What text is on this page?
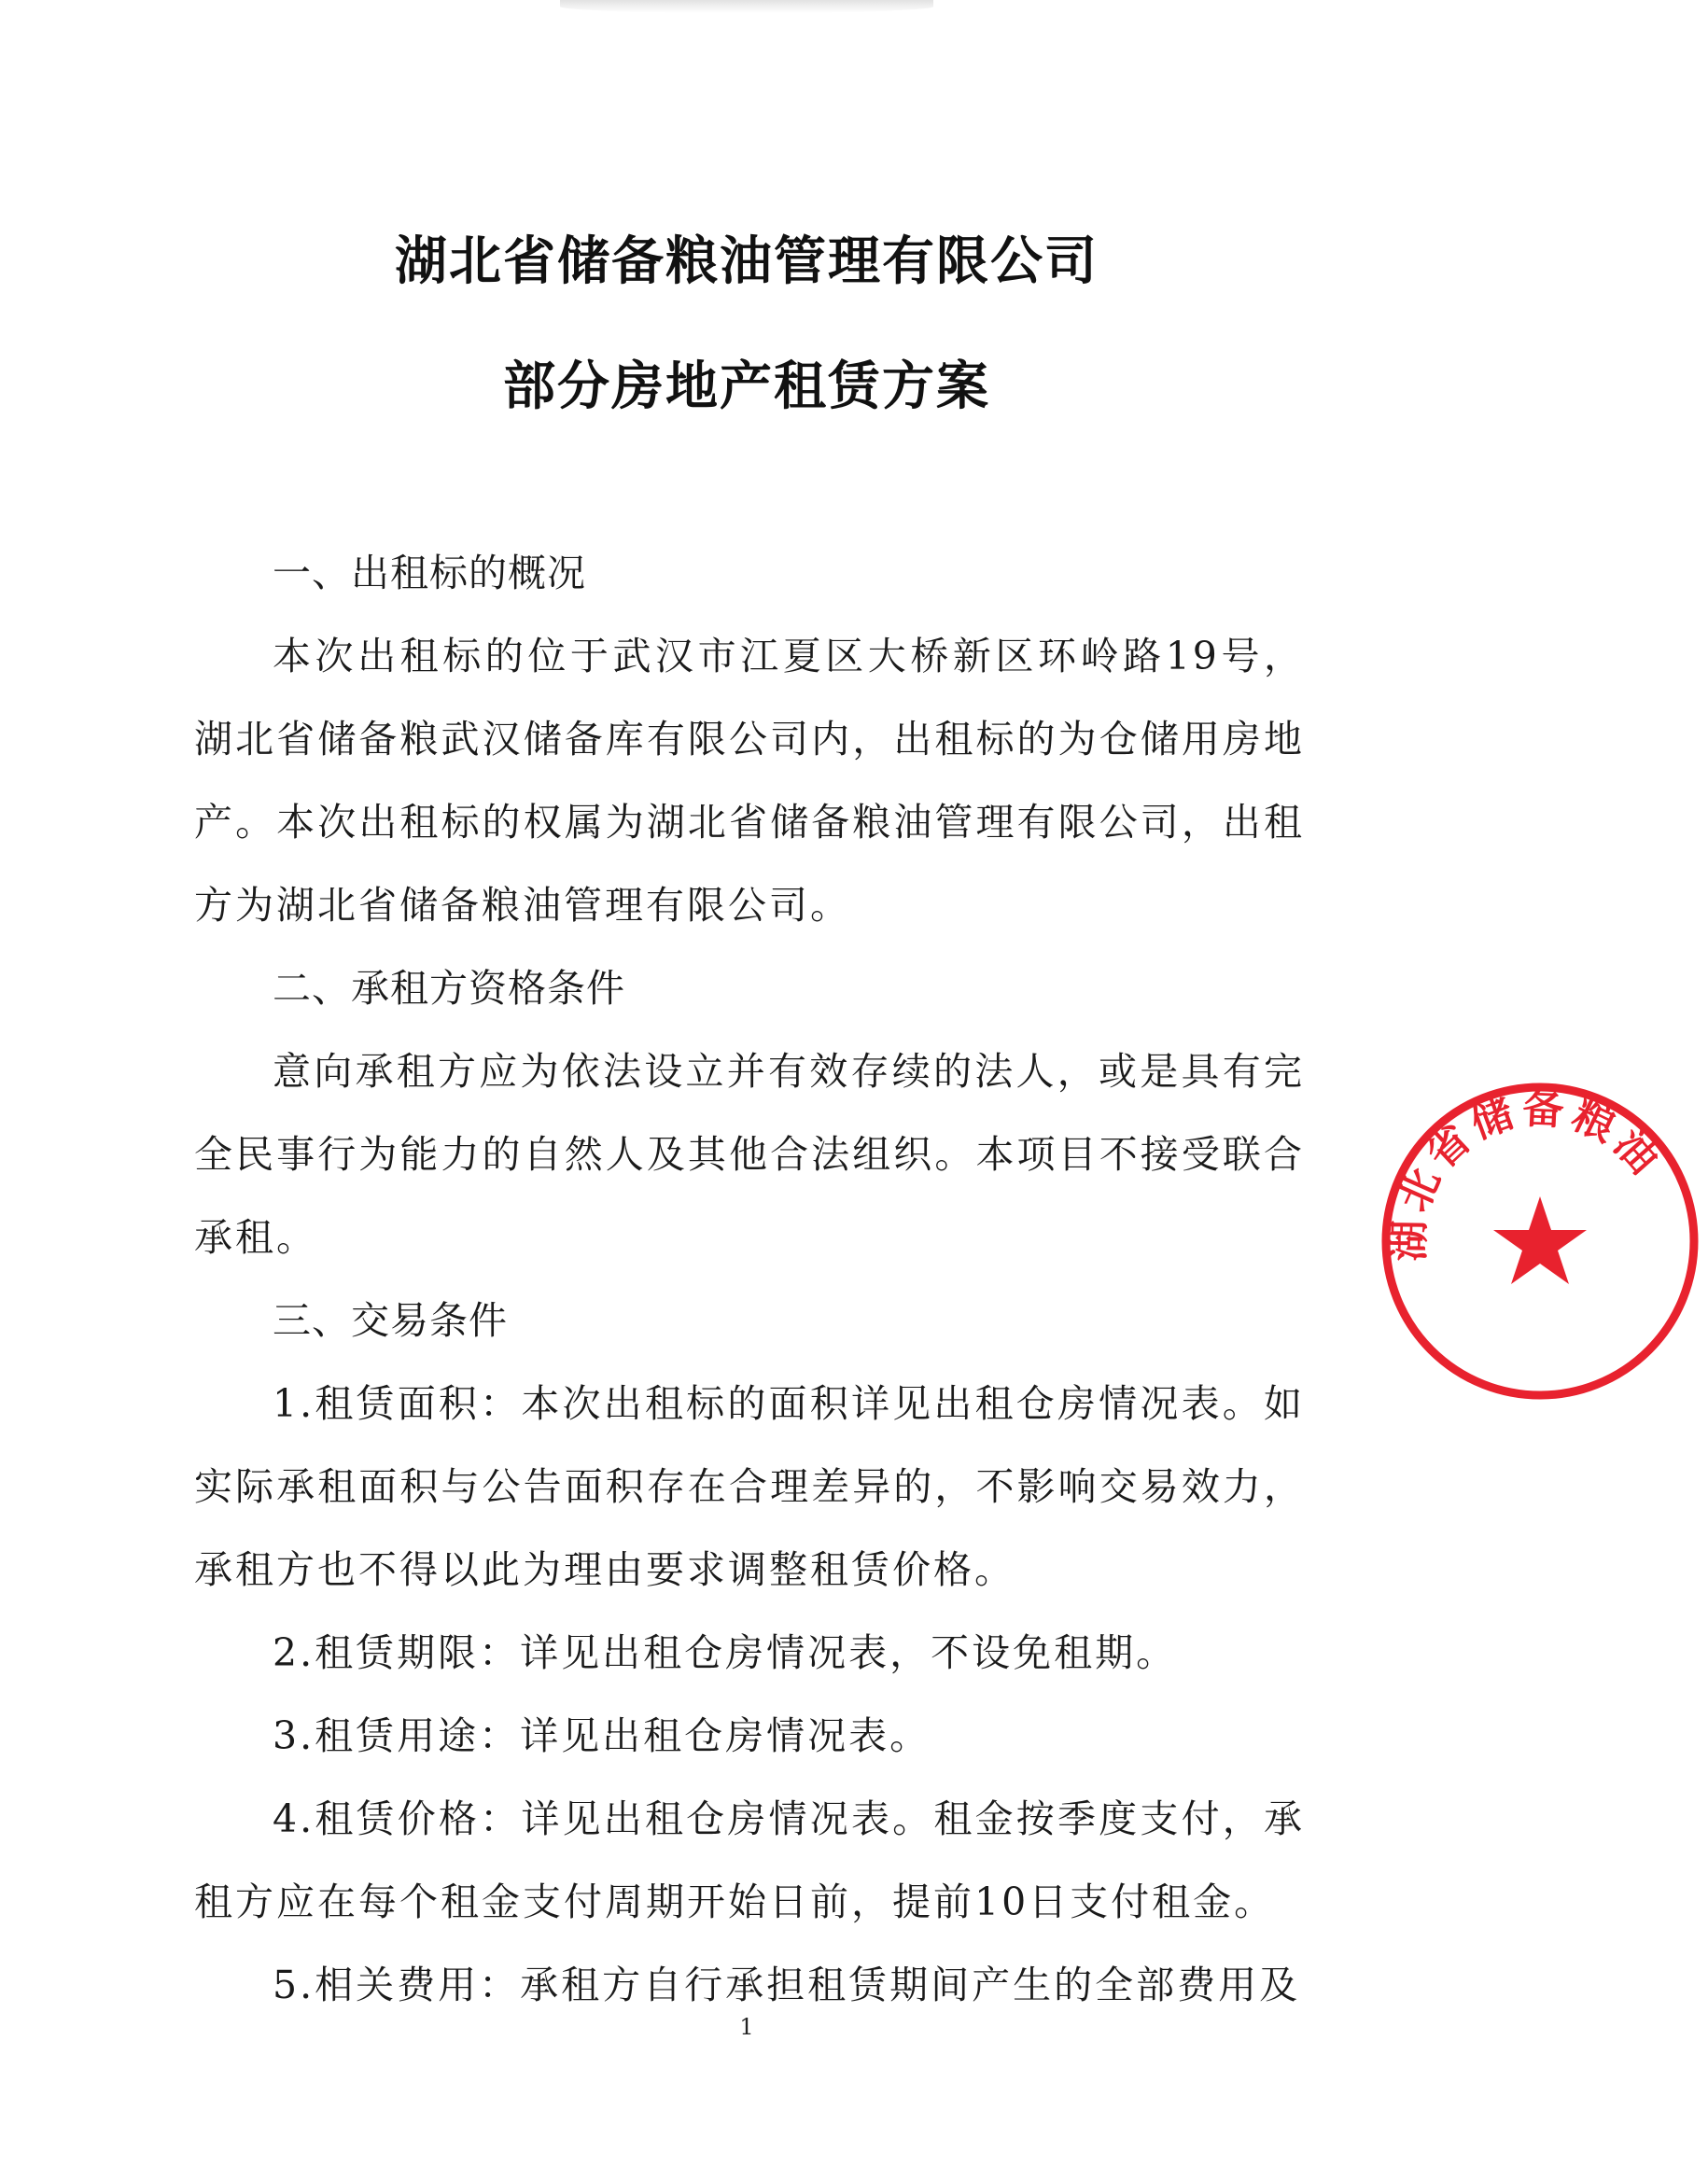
湖北省储备粮油管理有限公司
部分房地产租赁方案
一、出租标的概况

本次出租标的位于武汉市江夏区大桥新区环岭路19号，湖北省储备粮武汉储备库有限公司内，出租标的为仓储用房地产。本次出租标的权属为湖北省储备粮油管理有限公司，出租方为湖北省储备粮油管理有限公司。

二、承租方资格条件

意向承租方应为依法设立并有效存续的法人，或是具有完全民事行为能力的自然人及其他合法组织。本项目不接受联合承租。

三、交易条件

1.租赁面积：本次出租标的面积详见出租仓房情况表。如实际承租面积与公告面积存在合理差异的，不影响交易效力，承租方也不得以此为理由要求调整租赁价格。

2.租赁期限：详见出租仓房情况表，不设免租期。

3.租赁用途：详见出租仓房情况表。

4.租赁价格：详见出租仓房情况表。租金按季度支付，承租方应在每个租金支付周期开始日前，提前10日支付租金。

5.相关费用：承租方自行承担租赁期间产生的全部费用及

1
湖北省储备粮油
